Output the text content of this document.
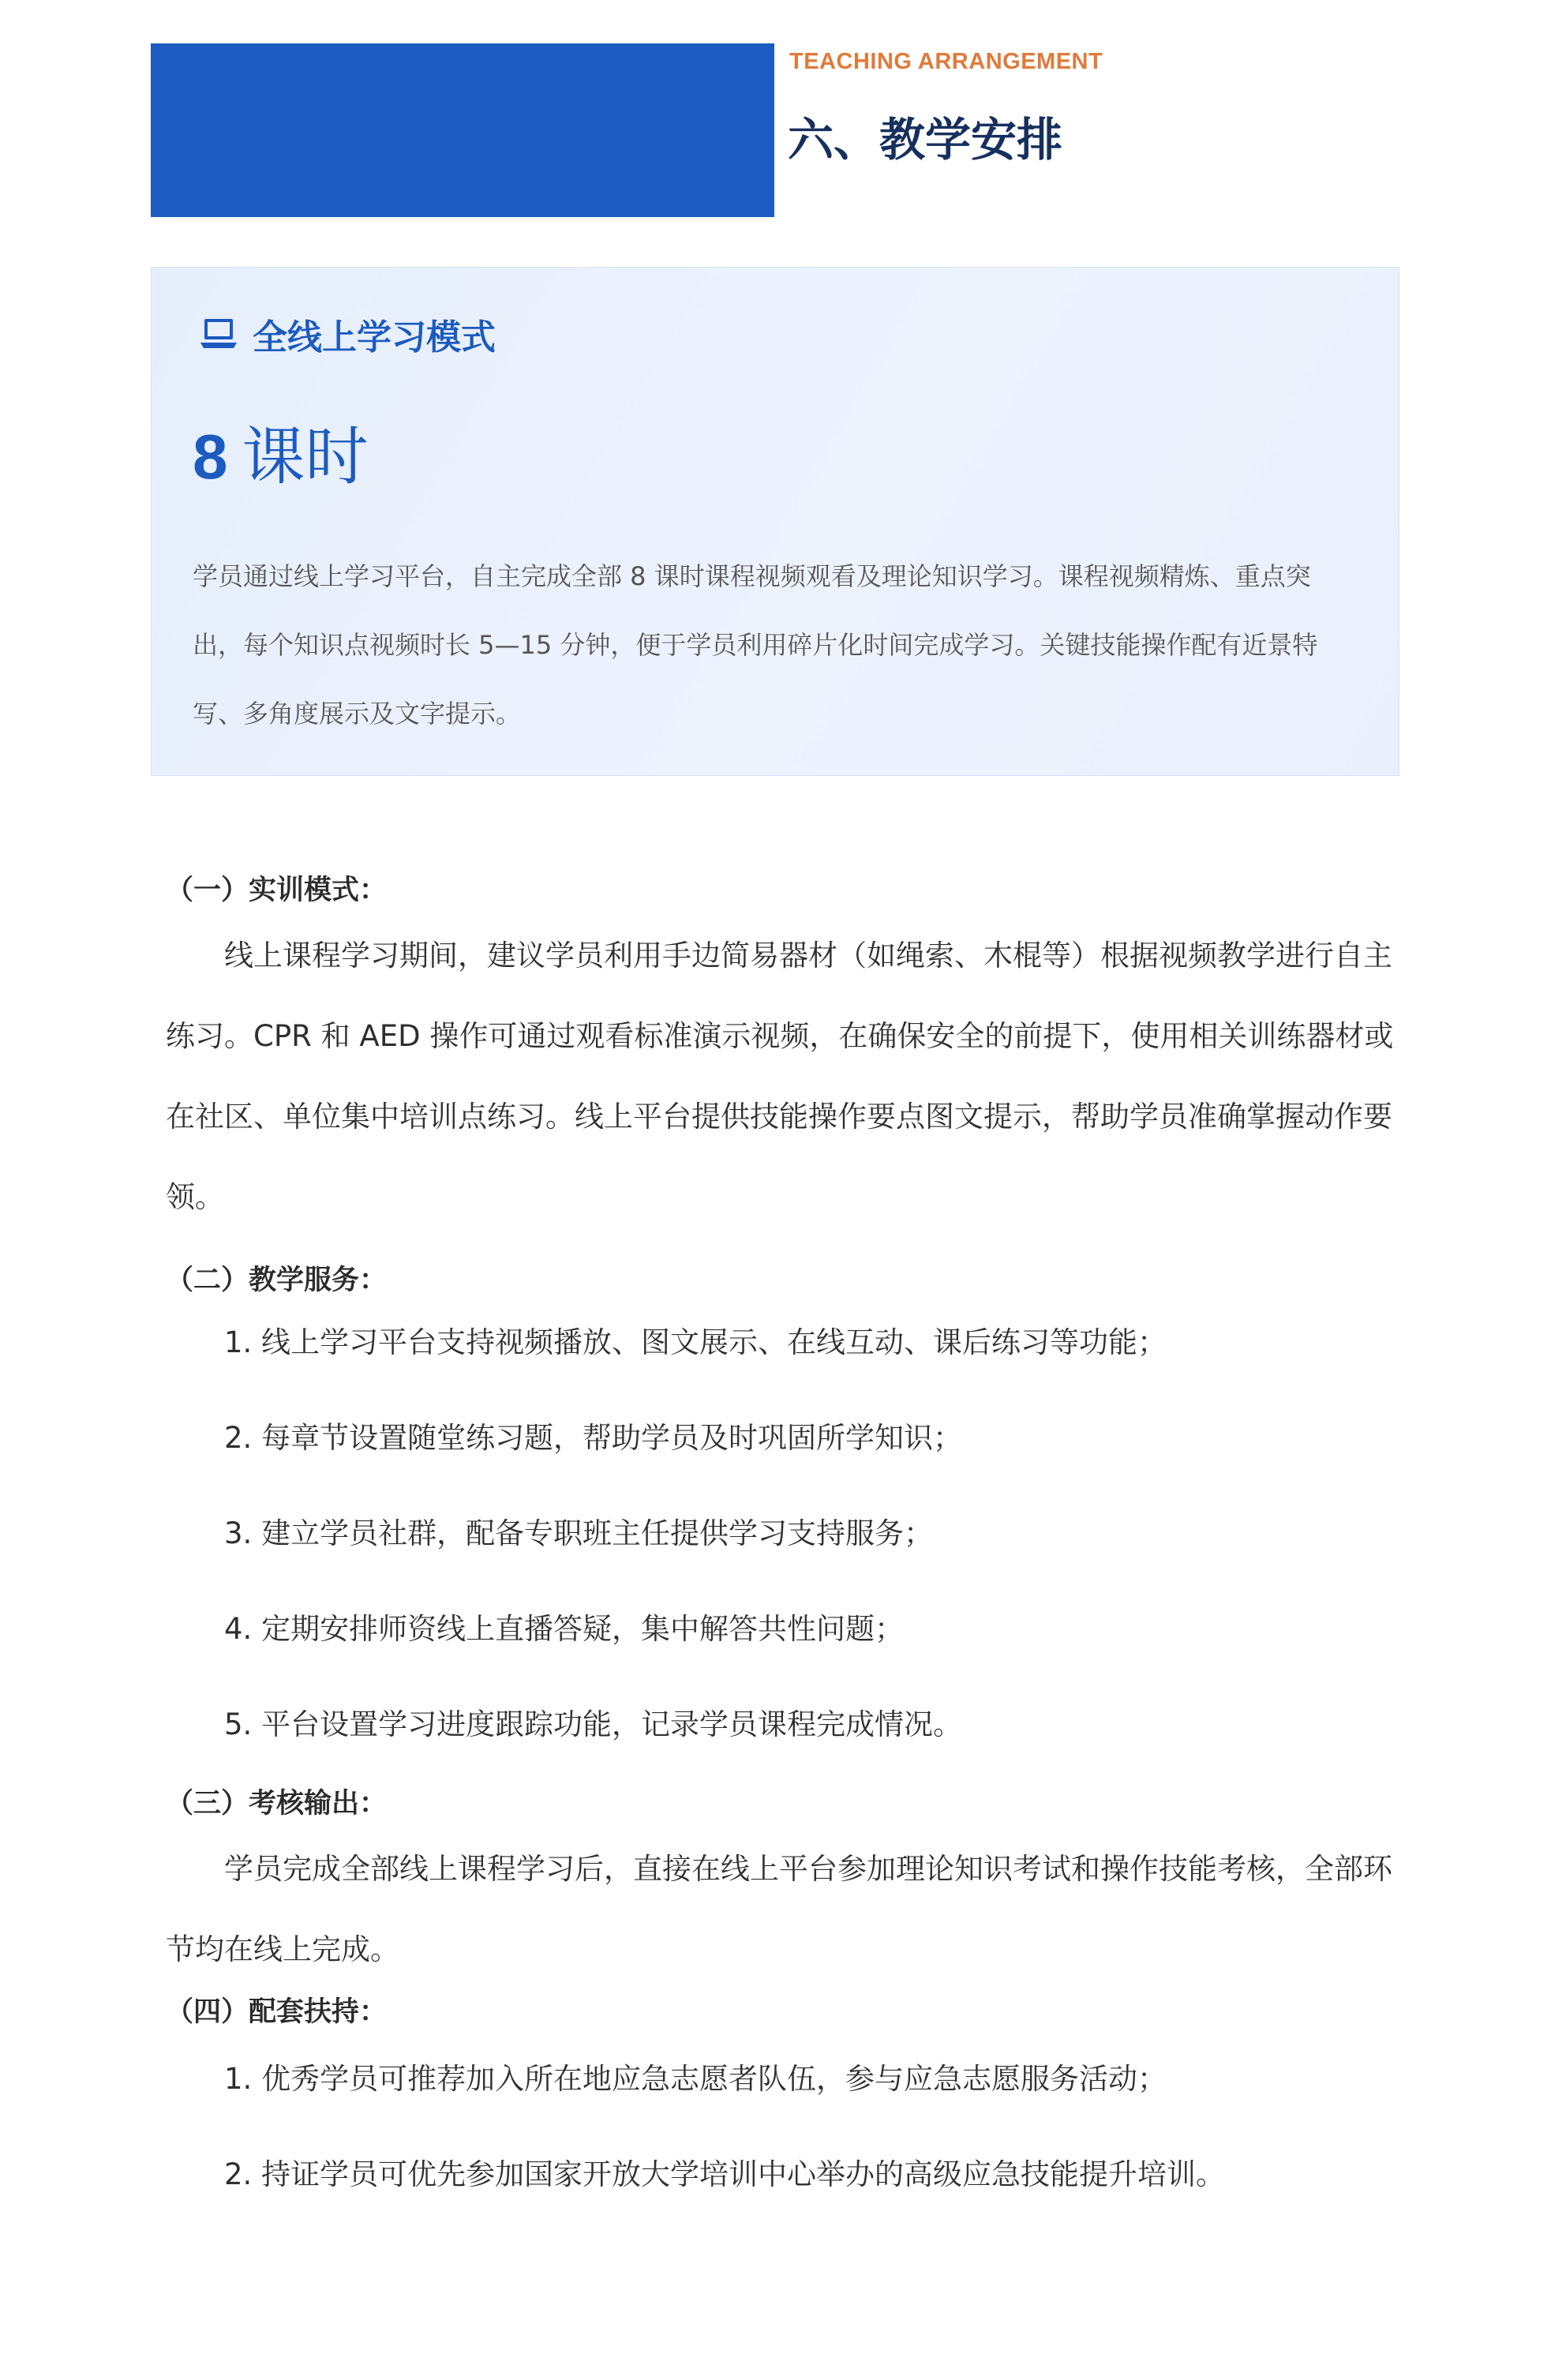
TEACHING ARRANGEMENT
六、教学安排
全线上学习模式
8 课时

学员通过线上学习平台，自主完成全部 8 课时课程视频观看及理论知识学习。课程视频精炼、重点突出，每个知识点视频时长 5—15 分钟，便于学员利用碎片化时间完成学习。关键技能操作配有近景特写、多角度展示及文字提示。

（一）实训模式：

线上课程学习期间，建议学员利用手边简易器材（如绳索、木棍等）根据视频教学进行自主练习。CPR 和 AED 操作可通过观看标准演示视频，在确保安全的前提下，使用相关训练器材或在社区、单位集中培训点练习。线上平台提供技能操作要点图文提示，帮助学员准确掌握动作要领。

（二）教学服务：
1. 线上学习平台支持视频播放、图文展示、在线互动、课后练习等功能；
2. 每章节设置随堂练习题，帮助学员及时巩固所学知识；
3. 建立学员社群，配备专职班主任提供学习支持服务；
4. 定期安排师资线上直播答疑，集中解答共性问题；
5. 平台设置学习进度跟踪功能，记录学员课程完成情况。
（三）考核输出：

学员完成全部线上课程学习后，直接在线上平台参加理论知识考试和操作技能考核，全部环节均在线上完成。

（四）配套扶持：
1. 优秀学员可推荐加入所在地应急志愿者队伍，参与应急志愿服务活动；
2. 持证学员可优先参加国家开放大学培训中心举办的高级应急技能提升培训。
